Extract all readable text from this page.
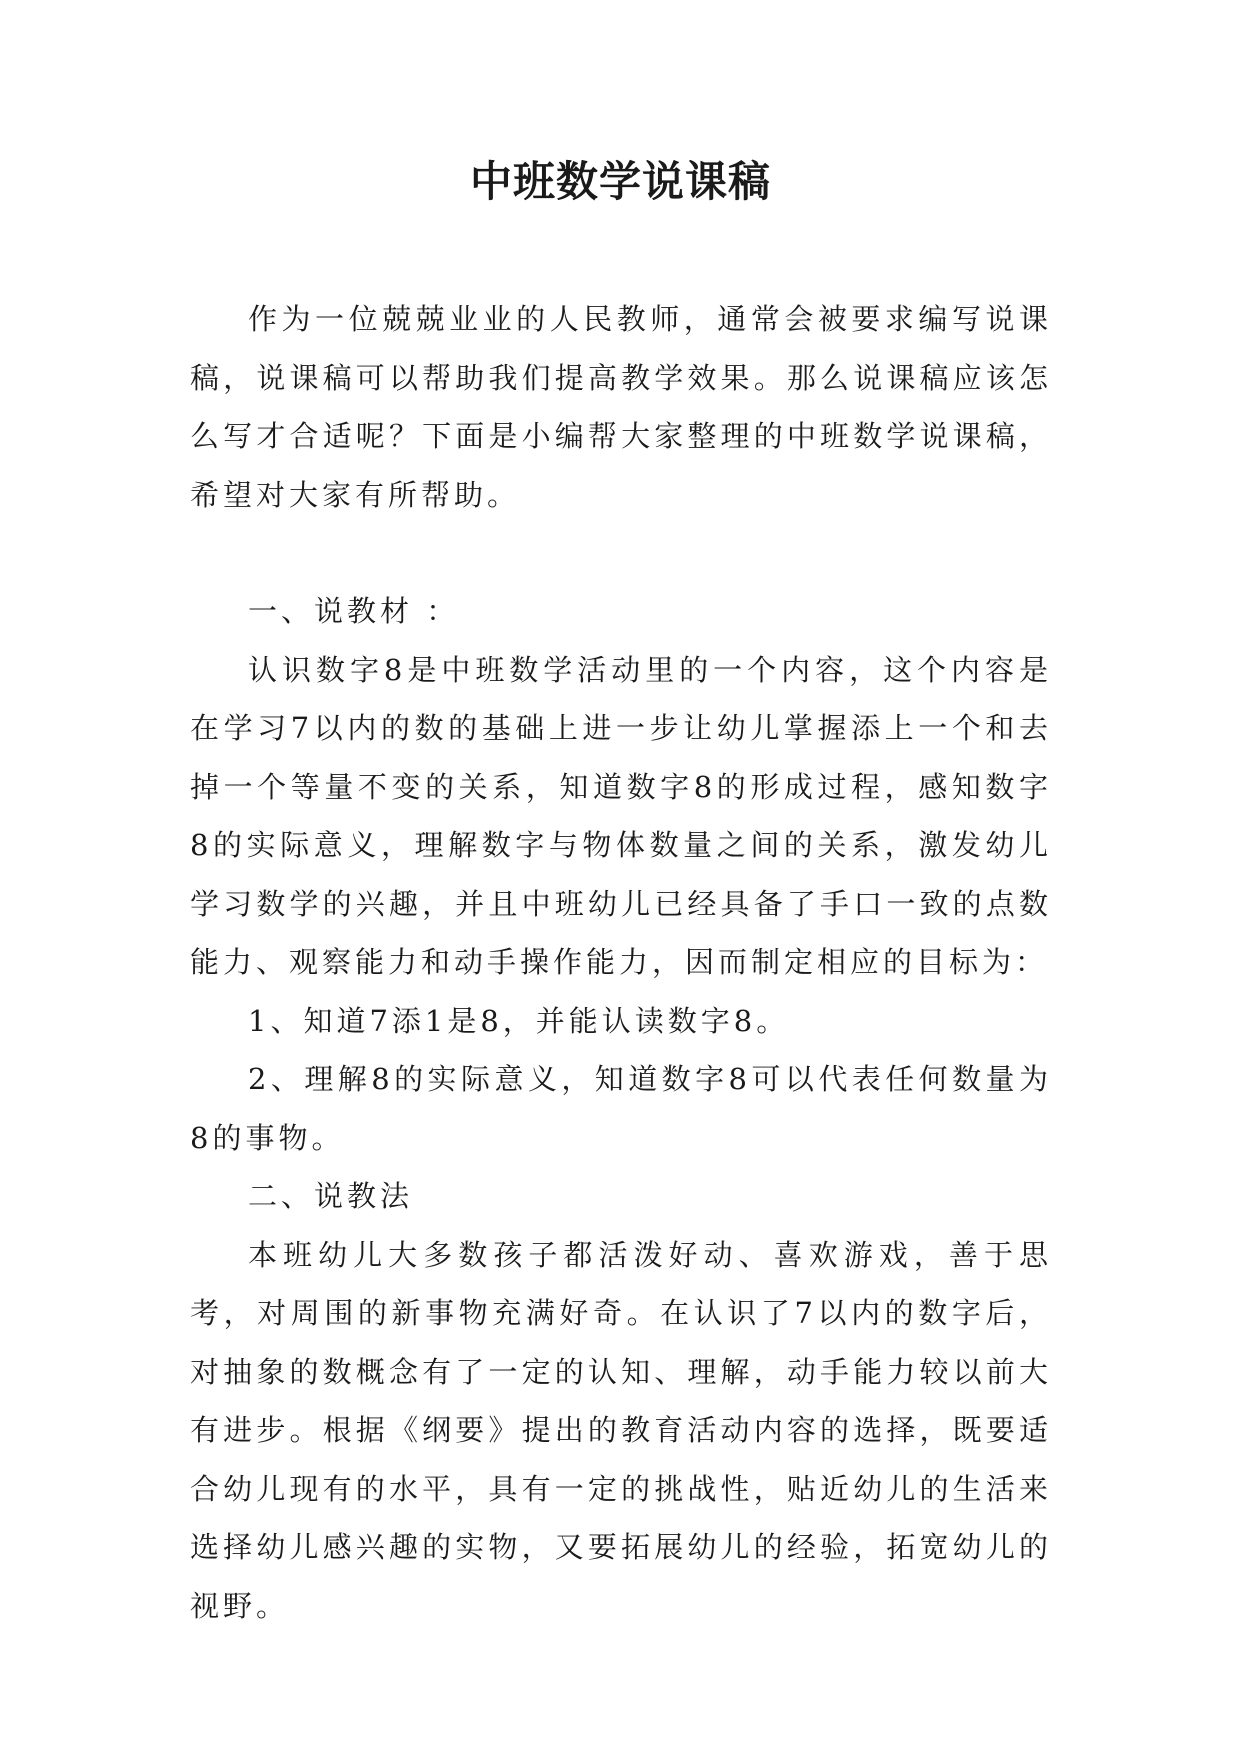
中班数学说课稿

作为一位兢兢业业的人民教师，通常会被要求编写说课稿，说课稿可以帮助我们提高教学效果。那么说课稿应该怎么写才合适呢？下面是小编帮大家整理的中班数学说课稿，希望对大家有所帮助。

一、说教材 ：

认识数字8是中班数学活动里的一个内容，这个内容是在学习7以内的数的基础上进一步让幼儿掌握添上一个和去掉一个等量不变的关系，知道数字8的形成过程，感知数字8的实际意义，理解数字与物体数量之间的关系，激发幼儿学习数学的兴趣，并且中班幼儿已经具备了手口一致的点数能力、观察能力和动手操作能力，因而制定相应的目标为：

1、知道7添1是8，并能认读数字8。

2、理解8的实际意义，知道数字8可以代表任何数量为8的事物。

二、说教法

本班幼儿大多数孩子都活泼好动、喜欢游戏，善于思考，对周围的新事物充满好奇。在认识了7以内的数字后，对抽象的数概念有了一定的认知、理解，动手能力较以前大有进步。根据《纲要》提出的教育活动内容的选择，既要适合幼儿现有的水平，具有一定的挑战性，贴近幼儿的生活来选择幼儿感兴趣的实物，又要拓展幼儿的经验，拓宽幼儿的视野。
